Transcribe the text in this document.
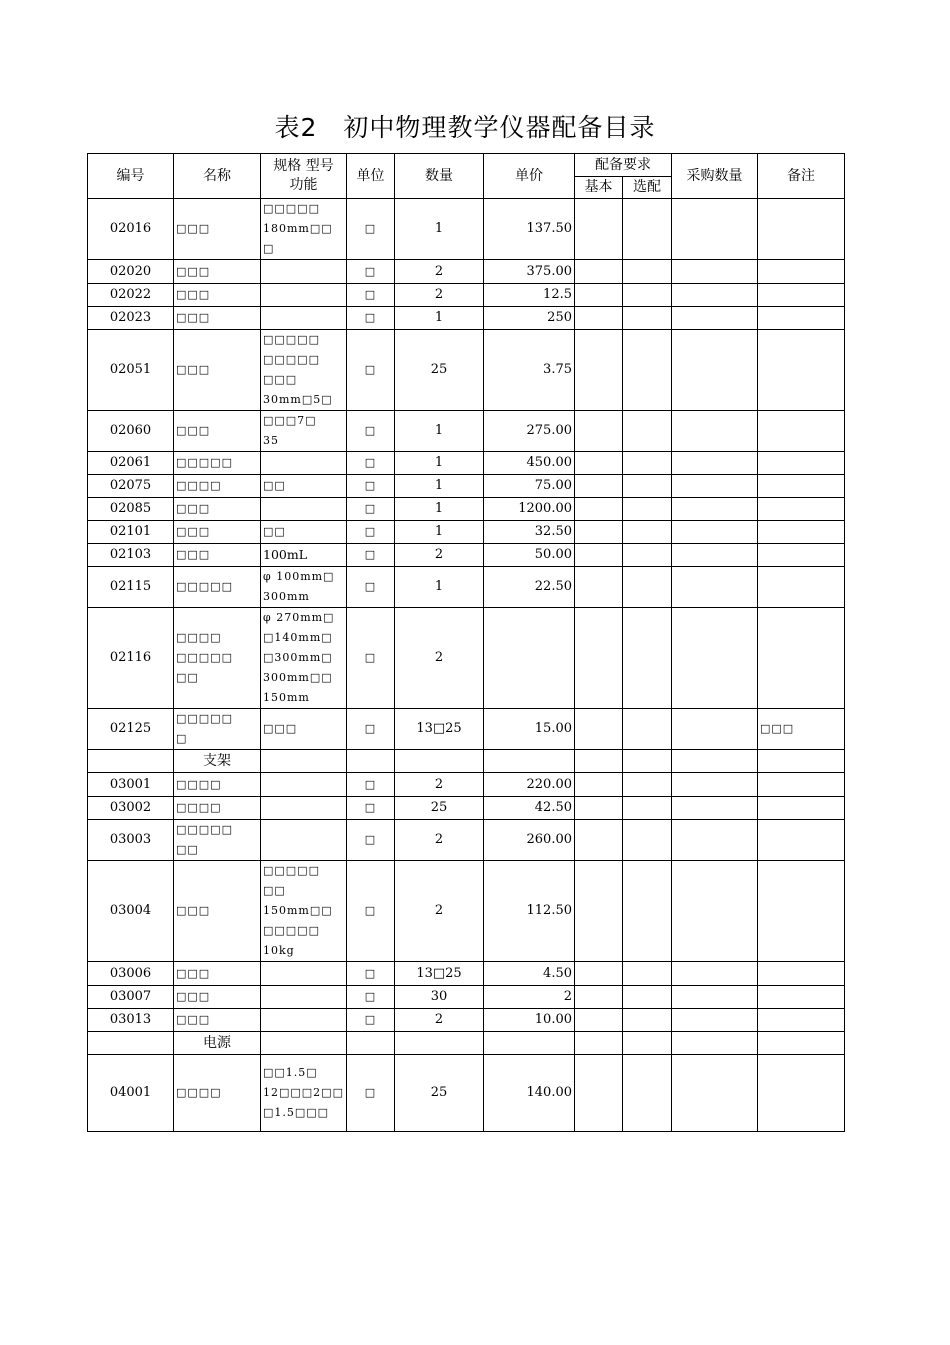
表2　初中物理教学仪器配备目录
编号	名称	规格 型号
功能	单位	数量	单价	配备要求		采购数量	备注
						基本	选配		
02016	□□□	□□□□□
180mm□□
□	□	1	137.50				
02020	□□□		□	2	375.00				
02022	□□□		□	2	12.5				
02023	□□□		□	1	250				
02051	□□□	□□□□□
□□□□□
□□□
30mm□5□	□	25	3.75				
02060	□□□	□□□7□
35	□	1	275.00				
02061	□□□□□		□	1	450.00				
02075	□□□□	□□	□	1	75.00				
02085	□□□		□	1	1200.00				
02101	□□□	□□	□	1	32.50				
02103	□□□	100mL	□	2	50.00				
02115	□□□□□	φ 100mm□
300mm	□	1	22.50				
02116	□□□□
□□□□□
□□	φ 270mm□
□140mm□
□300mm□
300mm□□
150mm	□	2					
02125	□□□□□
□	□□□	□	13□25	15.00				□□□
	支架								
03001	□□□□		□	2	220.00				
03002	□□□□		□	25	42.50				
03003	□□□□□
□□		□	2	260.00				
03004	□□□	□□□□□
□□
150mm□□
□□□□□
10kg	□	2	112.50				
03006	□□□		□	13□25	4.50				
03007	□□□		□	30	2				
03013	□□□		□	2	10.00				
	电源								
04001	□□□□	□□1.5□
12□□□2□□
□1.5□□□	□	25	140.00				
